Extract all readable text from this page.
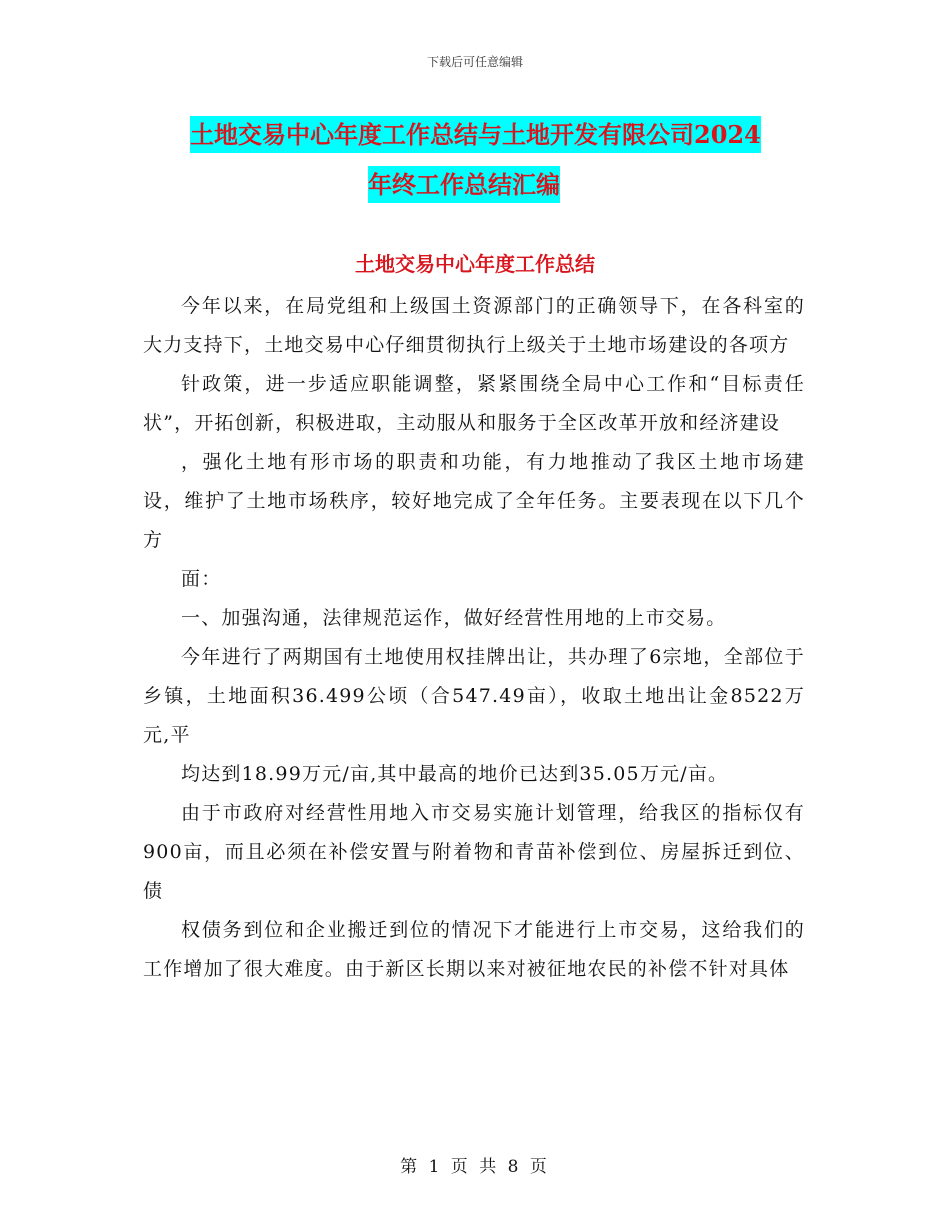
下载后可任意编辑
土地交易中心年度工作总结与土地开发有限公司2024
年终工作总结汇编
土地交易中心年度工作总结

今年以来，在局党组和上级国土资源部门的正确领导下，在各科室的大力支持下，土地交易中心仔细贯彻执行上级关于土地市场建设的各项方

针政策，进一步适应职能调整，紧紧围绕全局中心工作和“目标责任状”，开拓创新，积极进取，主动服从和服务于全区改革开放和经济建设

，强化土地有形市场的职责和功能，有力地推动了我区土地市场建设，维护了土地市场秩序，较好地完成了全年任务。主要表现在以下几个方

面：

一、加强沟通，法律规范运作，做好经营性用地的上市交易。

今年进行了两期国有土地使用权挂牌出让，共办理了6宗地，全部位于乡镇，土地面积36.499公顷（合547.49亩），收取土地出让金8522万元,平

均达到18.99万元/亩,其中最高的地价已达到35.05万元/亩。

由于市政府对经营性用地入市交易实施计划管理，给我区的指标仅有900亩，而且必须在补偿安置与附着物和青苗补偿到位、房屋拆迁到位、债

权债务到位和企业搬迁到位的情况下才能进行上市交易，这给我们的工作增加了很大难度。由于新区长期以来对被征地农民的补偿不针对具体

第 1 页 共 8 页
